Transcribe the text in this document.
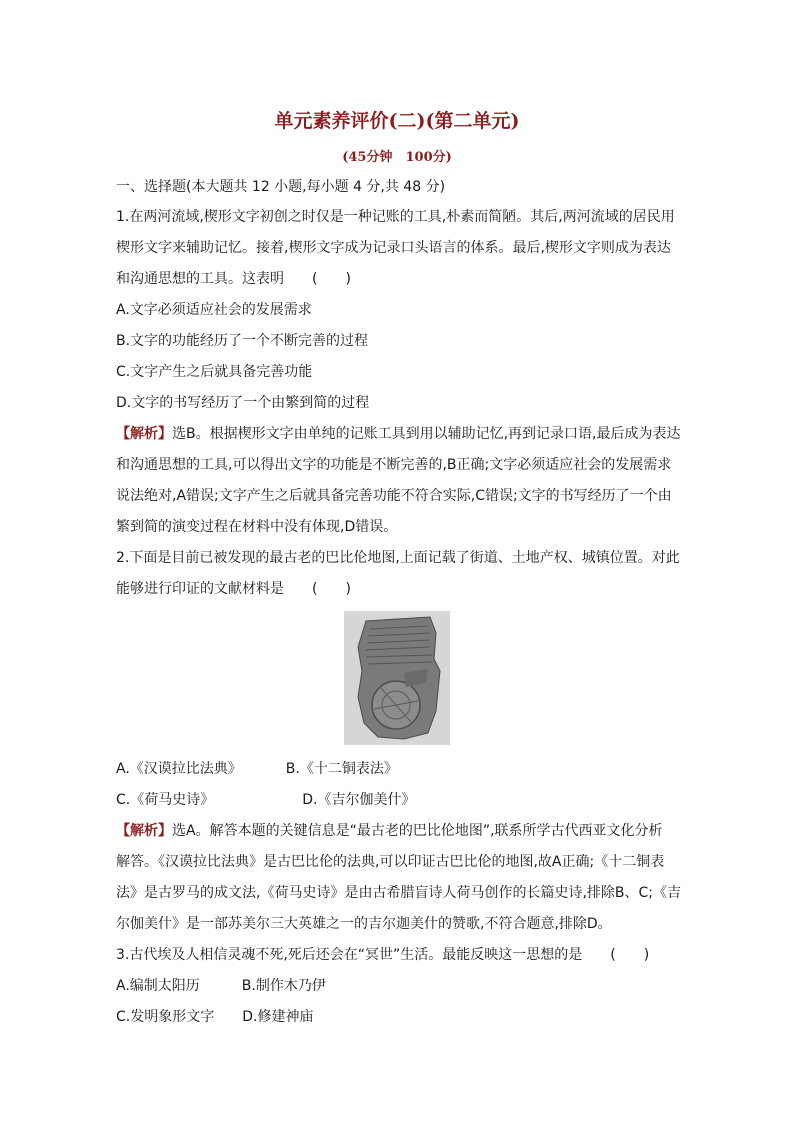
单元素养评价(二)(第二单元)
(45分钟　100分)
一、选择题(本大题共 12 小题,每小题 4 分,共 48 分)
1.在两河流域,楔形文字初创之时仅是一种记账的工具,朴素而简陋。其后,两河流域的居民用
楔形文字来辅助记忆。接着,楔形文字成为记录口头语言的体系。最后,楔形文字则成为表达
和沟通思想的工具。这表明　　(　　)
A.文字必须适应社会的发展需求
B.文字的功能经历了一个不断完善的过程
C.文字产生之后就具备完善功能
D.文字的书写经历了一个由繁到简的过程
【解析】选B。根据楔形文字由单纯的记账工具到用以辅助记忆,再到记录口语,最后成为表达
和沟通思想的工具,可以得出文字的功能是不断完善的,B正确;文字必须适应社会的发展需求
说法绝对,A错误;文字产生之后就具备完善功能不符合实际,C错误;文字的书写经历了一个由
繁到简的演变过程在材料中没有体现,D错误。
2.下面是目前已被发现的最古老的巴比伦地图,上面记载了街道、土地产权、城镇位置。对此
能够进行印证的文献材料是　　(　　)
A.《汉谟拉比法典》	B.《十二铜表法》
C.《荷马史诗》	D.《吉尔伽美什》
【解析】选A。解答本题的关键信息是“最古老的巴比伦地图”,联系所学古代西亚文化分析
解答。《汉谟拉比法典》是古巴比伦的法典,可以印证古巴比伦的地图,故A正确;《十二铜表
法》是古罗马的成文法,《荷马史诗》是由古希腊盲诗人荷马创作的长篇史诗,排除B、C;《吉
尔伽美什》是一部苏美尔三大英雄之一的吉尔迦美什的赞歌,不符合题意,排除D。
3.古代埃及人相信灵魂不死,死后还会在“冥世”生活。最能反映这一思想的是　　(　　)
A.编制太阳历	B.制作木乃伊
C.发明象形文字 D.修建神庙
